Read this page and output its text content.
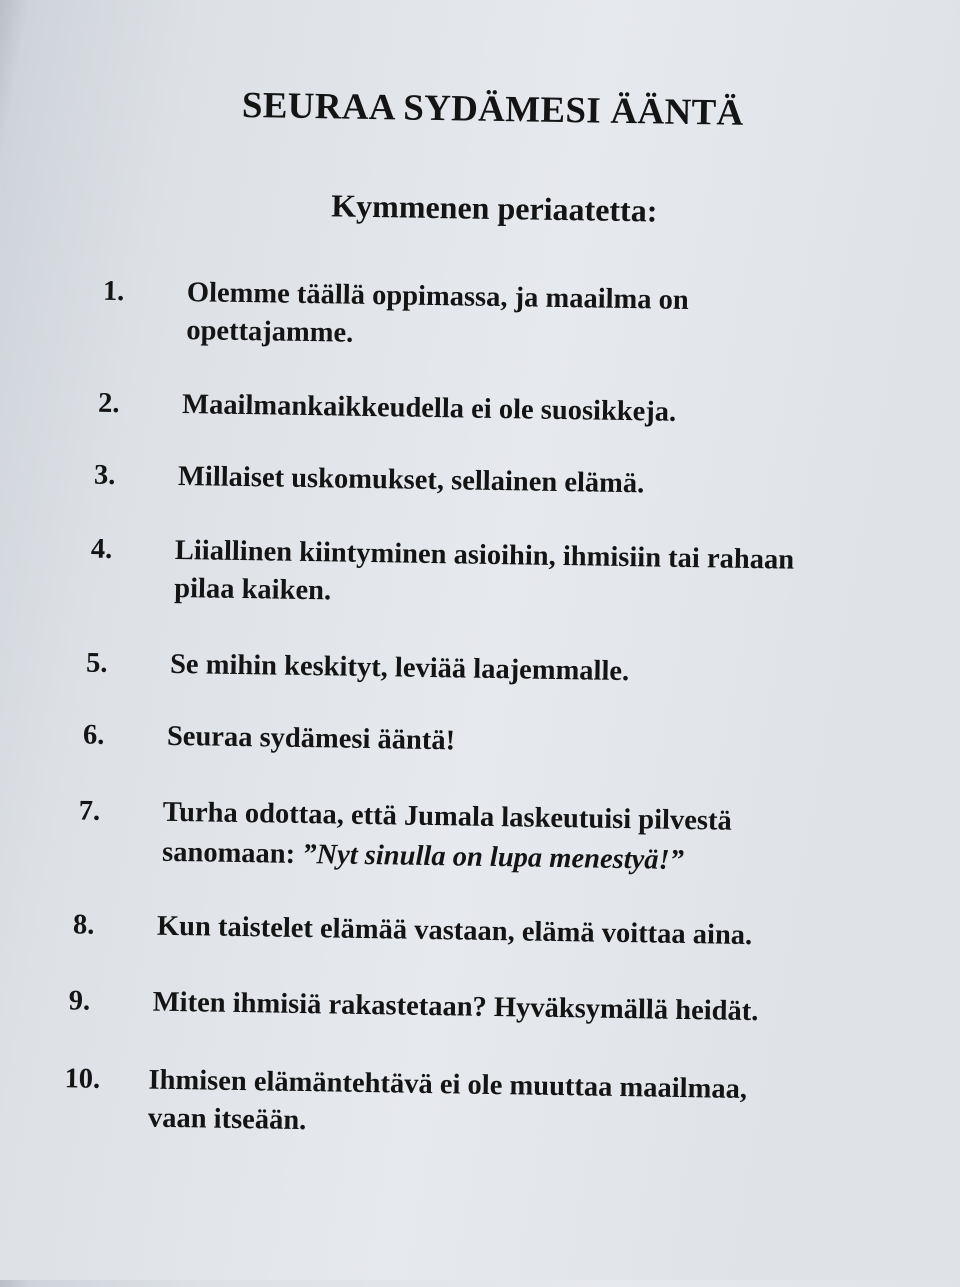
SEURAA SYDÄMESI ÄÄNTÄ
Kymmenen periaatetta:
1. Olemme täällä oppimassa, ja maailma on
opettajamme.
2. Maailmankaikkeudella ei ole suosikkeja.
3. Millaiset uskomukset, sellainen elämä.
4. Liiallinen kiintyminen asioihin, ihmisiin tai rahaan
pilaa kaiken.
5. Se mihin keskityt, leviää laajemmalle.
6. Seuraa sydämesi ääntä!
7. Turha odottaa, että Jumala laskeutuisi pilvestä
sanomaan: ”Nyt sinulla on lupa menestyä!”
8. Kun taistelet elämää vastaan, elämä voittaa aina.
9. Miten ihmisiä rakastetaan? Hyväksymällä heidät.
10. Ihmisen elämäntehtävä ei ole muuttaa maailmaa,
vaan itseään.
